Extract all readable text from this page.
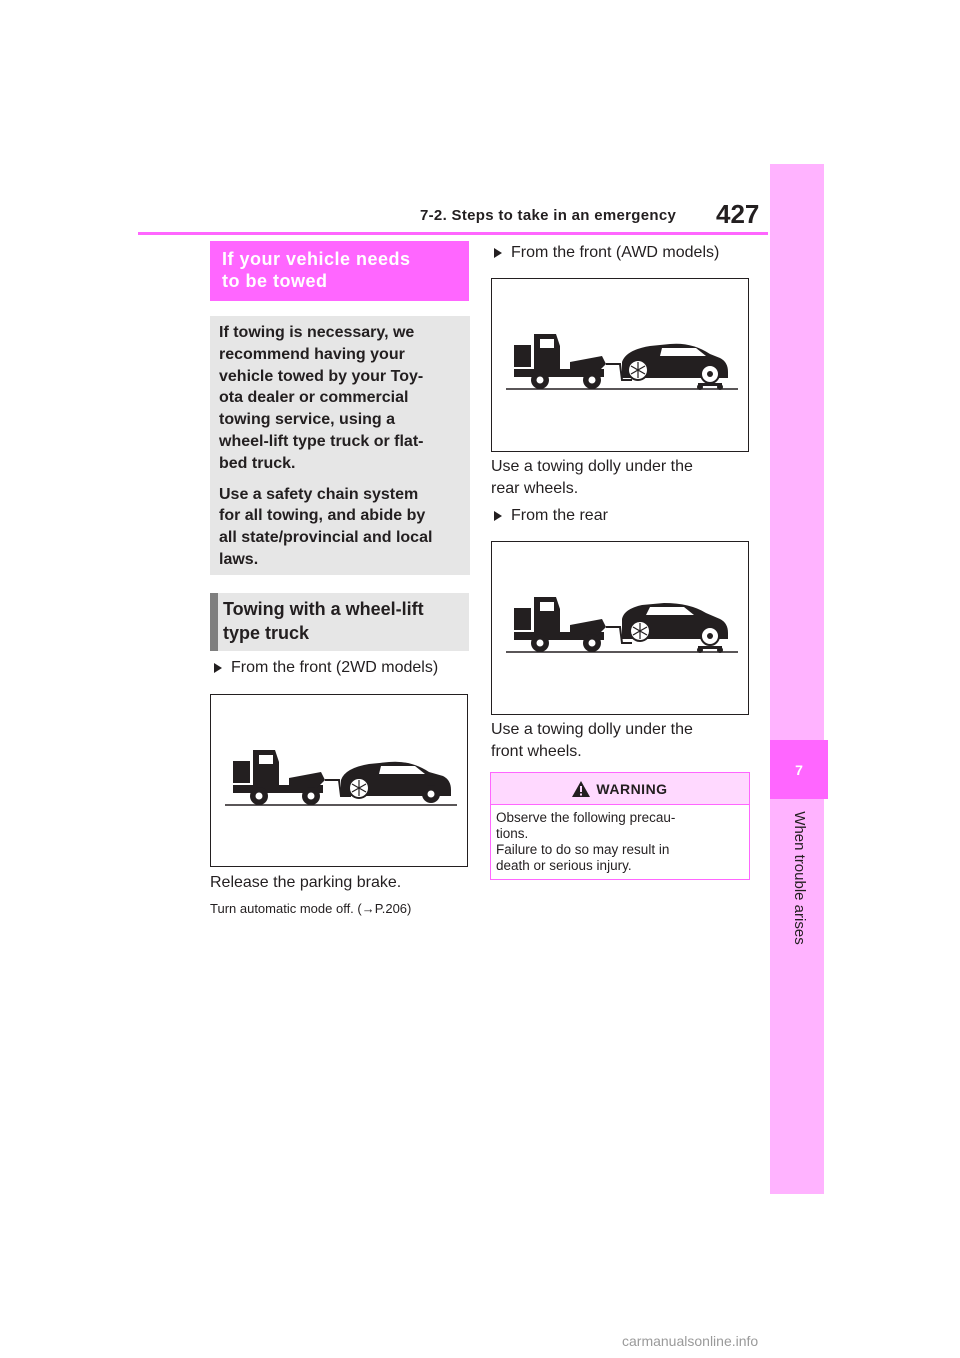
7-2. Steps to take in an emergency 427
7
When trouble arises
If your vehicle needs
to be towed

If towing is necessary, we
recommend having your
vehicle towed by your Toy-
ota dealer or commercial
towing service, using a
wheel-lift type truck or flat-
bed truck.

Use a safety chain system
for all towing, and abide by
all state/provincial and local
laws.

Towing with a wheel-lift
type truck
From the front (2WD models)
Release the parking brake.
Turn automatic mode off. (→P.206)
From the front (AWD models)
Use a towing dolly under the
rear wheels.
From the rear
Use a towing dolly under the
front wheels.
WARNING
Observe the following precau-
tions.
Failure to do so may result in
death or serious injury.
carmanualsonline.info
